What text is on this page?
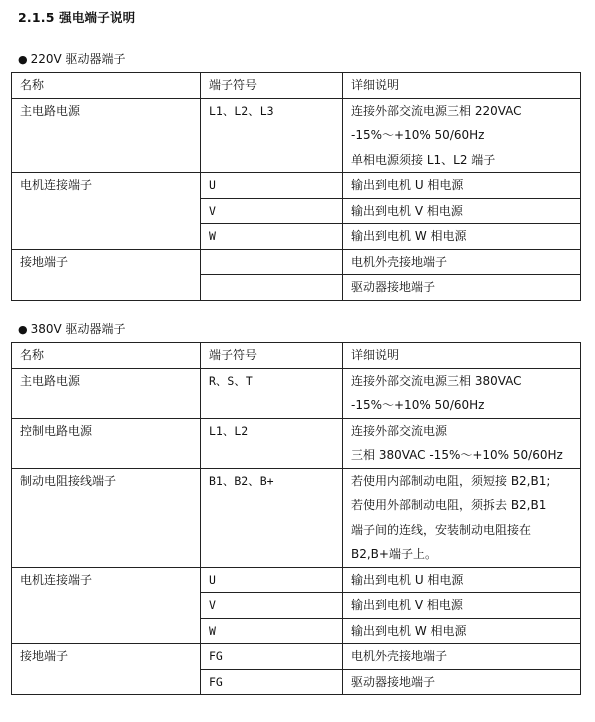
2.1.5 强电端子说明
● 220V 驱动器端子
名称	端子符号	详细说明
主电路电源	L1、L2、L3	连接外部交流电源三相 220VAC
-15%～+10% 50/60Hz
单相电源须接 L1、L2 端子

电机连接端子	U	输出到电机 U 相电源
	V	输出到电机 V 相电源
	W	输出到电机 W 相电源
接地端子		电机外壳接地端子
		驱动器接地端子
● 380V 驱动器端子
名称	端子符号	详细说明
主电路电源	R、S、T	连接外部交流电源三相 380VAC
-15%～+10% 50/60Hz

控制电路电源	L1、L2	连接外部交流电源
三相 380VAC -15%～+10% 50/60Hz

制动电阻接线端子	B1、B2、B+	若使用内部制动电阻，须短接 B2,B1;
若使用外部制动电阻，须拆去 B2,B1
端子间的连线，安装制动电阻接在
B2,B+端子上。

电机连接端子	U	输出到电机 U 相电源
	V	输出到电机 V 相电源
	W	输出到电机 W 相电源
接地端子	FG	电机外壳接地端子
	FG	驱动器接地端子
